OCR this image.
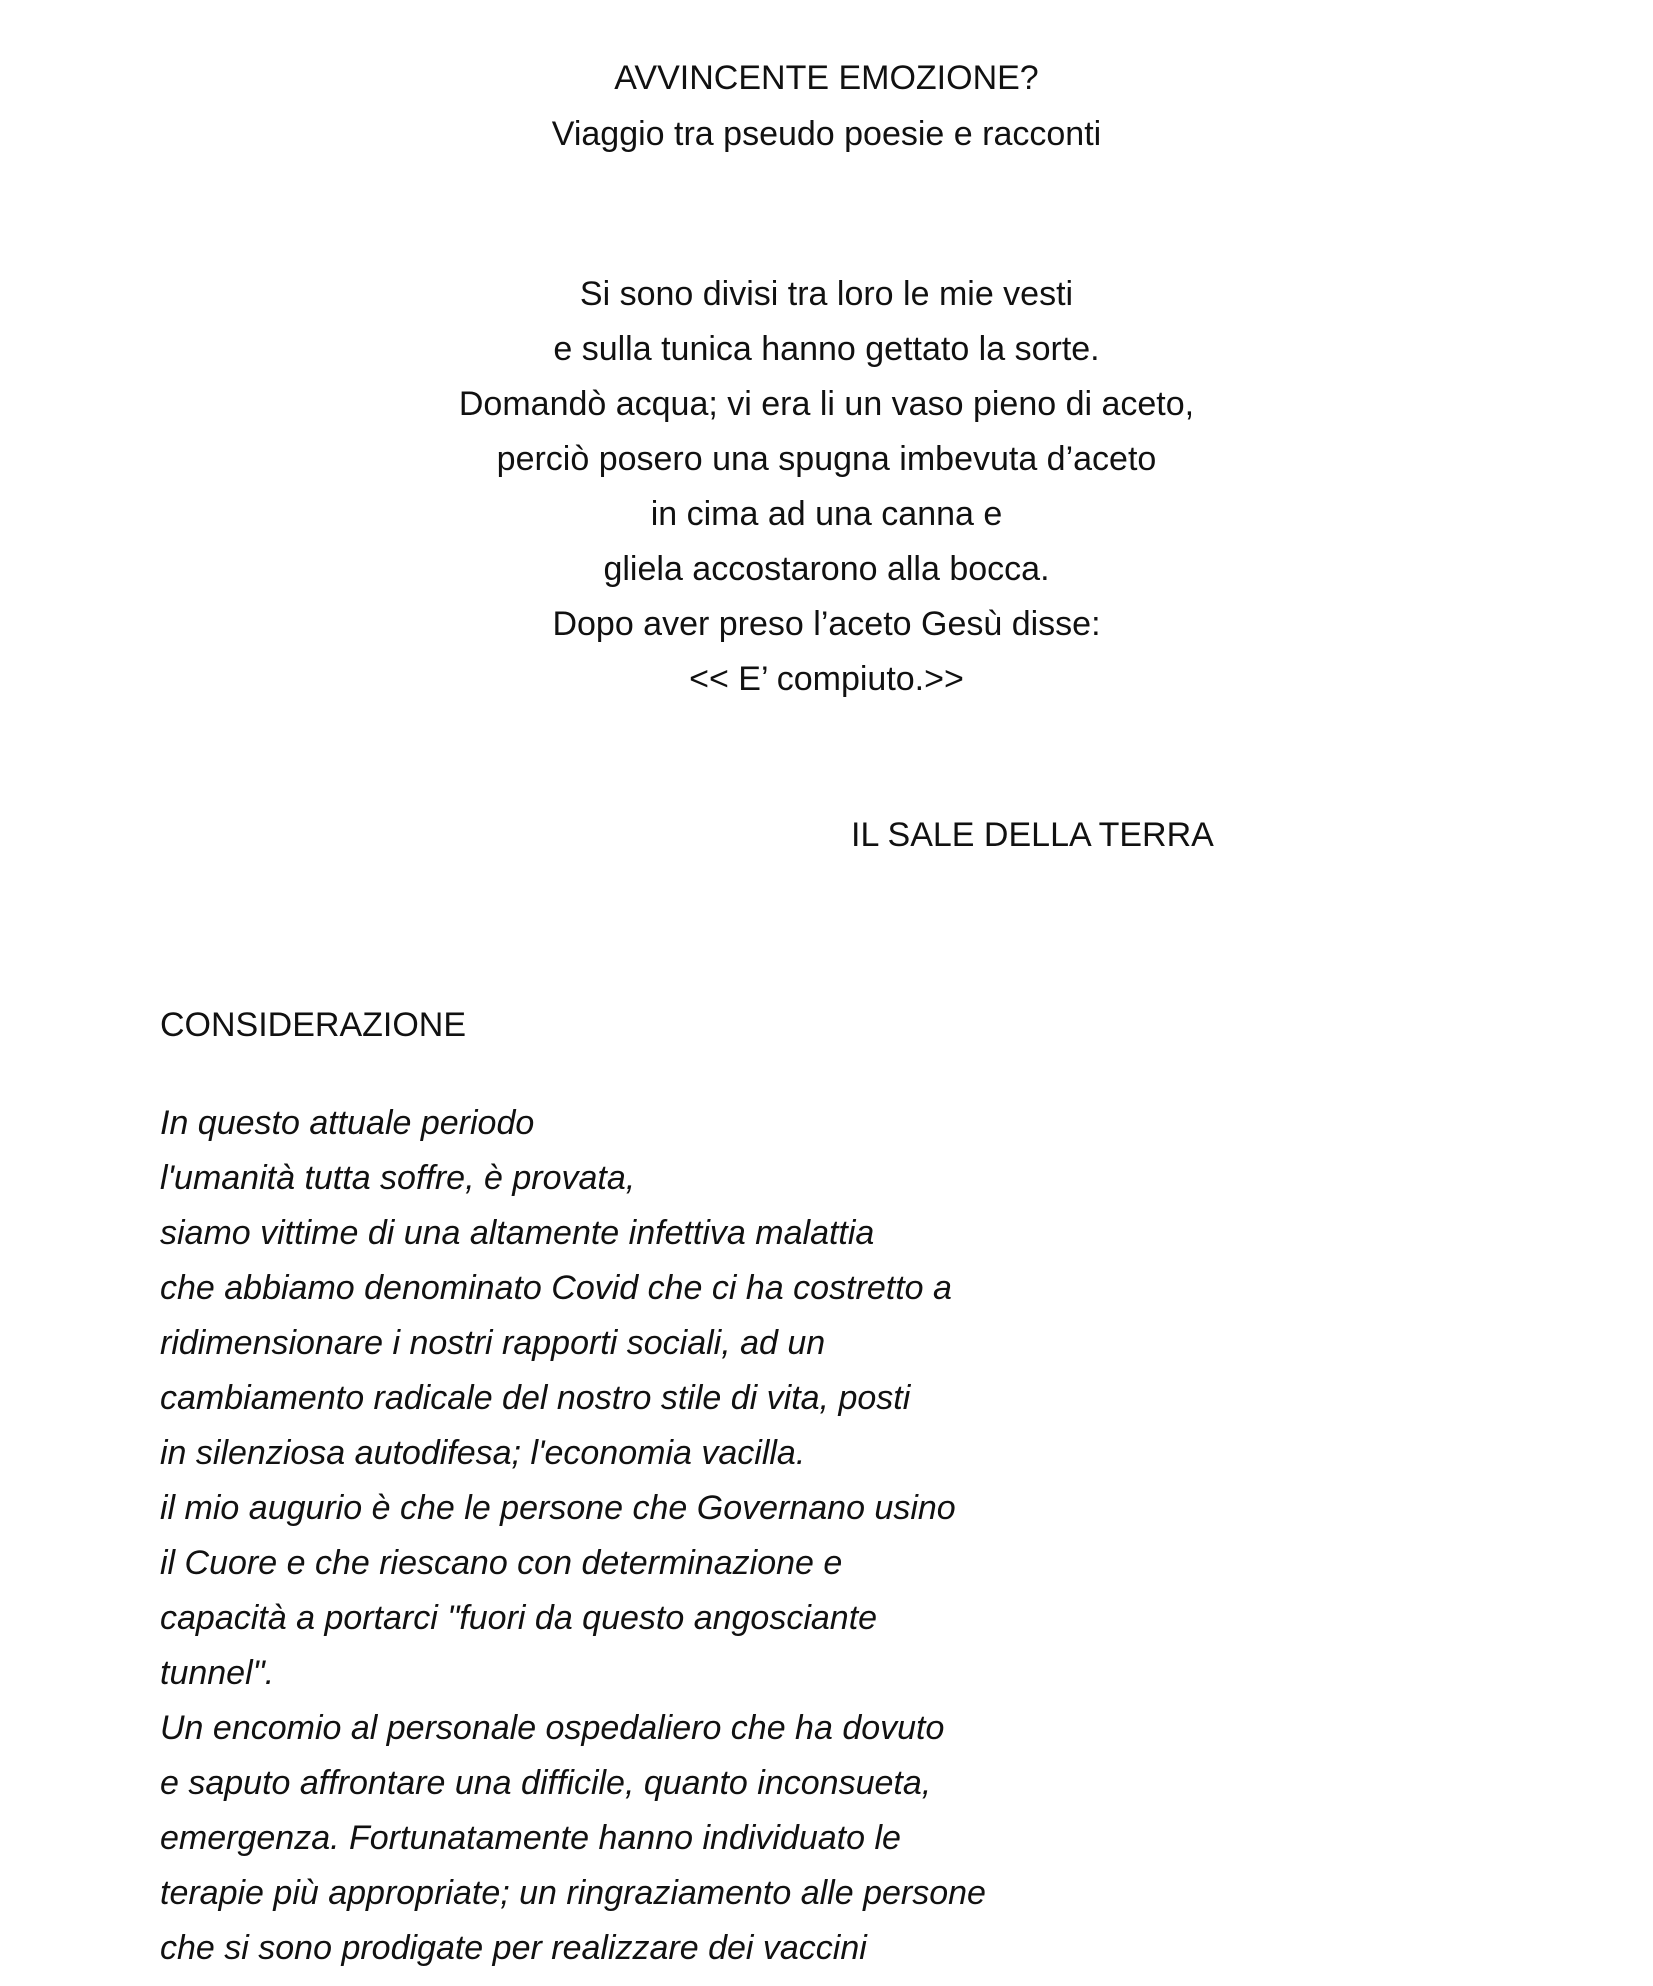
AVVINCENTE EMOZIONE?
Viaggio tra pseudo poesie e racconti
Si sono divisi tra loro le mie vesti
e sulla tunica hanno gettato la sorte.
Domandò acqua; vi era li un vaso pieno di aceto,
perciò posero una spugna imbevuta d’aceto
in cima ad una canna e
gliela accostarono alla bocca.
Dopo aver preso l’aceto Gesù disse:
<< E’ compiuto.>>
IL SALE DELLA TERRA
CONSIDERAZIONE
In questo attuale periodo
l'umanità tutta soffre, è provata,
siamo vittime di una altamente infettiva malattia
che abbiamo denominato Covid che ci ha costretto a
ridimensionare i nostri rapporti sociali, ad un
cambiamento radicale del nostro stile di vita, posti
in silenziosa autodifesa; l'economia vacilla.
il mio augurio è che le persone che Governano usino
il Cuore e che riescano con determinazione e
capacità a portarci "fuori da questo angosciante
tunnel".
Un encomio al personale ospedaliero che ha dovuto
e saputo affrontare una difficile, quanto inconsueta,
emergenza. Fortunatamente hanno individuato le
terapie più appropriate; un ringraziamento alle persone
che si sono prodigate per realizzare dei vaccini
